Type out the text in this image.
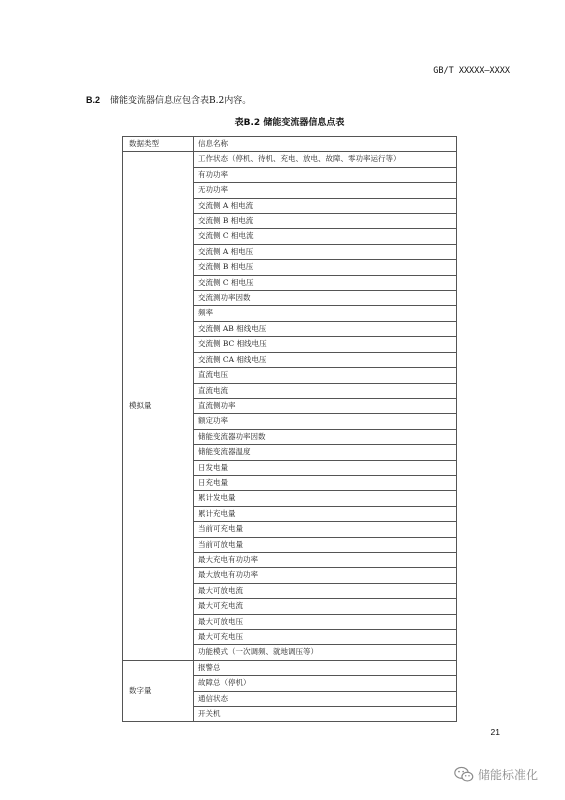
GB/T XXXXX—XXXX
B.2 储能变流器信息应包含表B.2内容。
表B.2 储能变流器信息点表
数据类型	信息名称
模拟量	工作状态（停机、待机、充电、放电、故障、零功率运行等）
	有功功率
	无功功率
	交流侧 A 相电流
	交流侧 B 相电流
	交流侧 C 相电流
	交流侧 A 相电压
	交流侧 B 相电压
	交流侧 C 相电压
	交流测功率因数
	频率
	交流侧 AB 相线电压
	交流侧 BC 相线电压
	交流侧 CA 相线电压
	直流电压
	直流电流
	直流侧功率
	额定功率
	储能变流器功率因数
	储能变流器温度
	日发电量
	日充电量
	累计发电量
	累计充电量
	当前可充电量
	当前可放电量
	最大充电有功功率
	最大放电有功功率
	最大可放电流
	最大可充电流
	最大可放电压
	最大可充电压
	功能模式（一次调频、就地调压等）
数字量	报警总
	故障总（停机）
	通信状态
	开关机
21
储能标准化
